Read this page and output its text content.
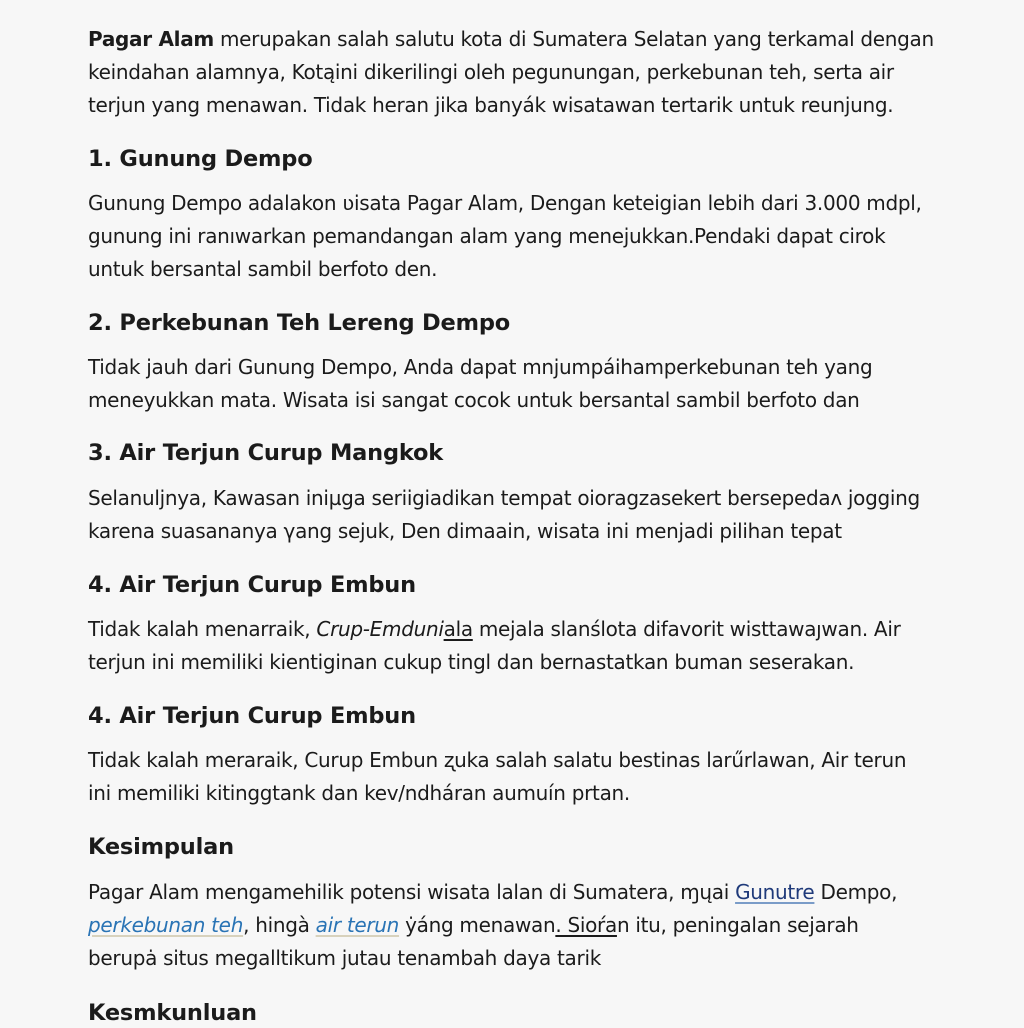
Pagar Alam merupakan salah salutu kota di Sumatera Selatan yang terkamal dengan

keindahan alamnya, Kotąini dikerilingi oleh pegunungan, perkebunan teh, serta air

terjun yang menawan. Tidak heran jika banyák wisatawan tertarik untuk reunjung.

1. Gunung Dempo

Gunung Dempo adalakon ʋisata Pagar Alam, Dengan keteigian lebih dari 3.000 mdpl,

gunung ini ranıwarkan pemandangan alam yang menejukkan.Pendaki dapat cirok

untuk bersantal sambil berfoto den.

2. Perkebunan Teh Lereng Dempo

Tidak jauh dari Gunung Dempo, Anda dapat mnjumpáihamperkebunan teh yang

meneyukkan mata. Wisata isi sangat cocok untuk bersantal sambil berfoto dan

3. Air Terjun Curup Mangkok

Selanuljnya, Kawasan iniµga seriigiadikan tempat oioragzasekert bersepedaʌ jogging

karena suasananya γang sejuk, Den dimaain, wisata ini menjadi pilihan tepat

4. Air Terjun Curup Embun

Tidak kalah menarraik, Crup-Emduniala mejala slanślota difavorit wisttawaȷwan. Air

terjun ini memiliki kientiginan cukup tingl dan bernastatkan buman seserakan.

4. Air Terjun Curup Embun

Tidak kalah meraraik, Curup Embun ʐuka salah salatu bestinas larűrlawan, Air terun

ini memiliki kitinggtank dan kev/ndháran aumuín prtan.

Kesimpulan

Pagar Alam mengamehilik potensi wisata lalan di Sumatera, ɱųai Gunutre Dempo,

perkebunan teh, hingà air terun ẏáng menawan. Sioŕan itu, peningalan sejarah

berupȧ situs megalltikum jutau tenambah daya tarik

Kesmkunluan
